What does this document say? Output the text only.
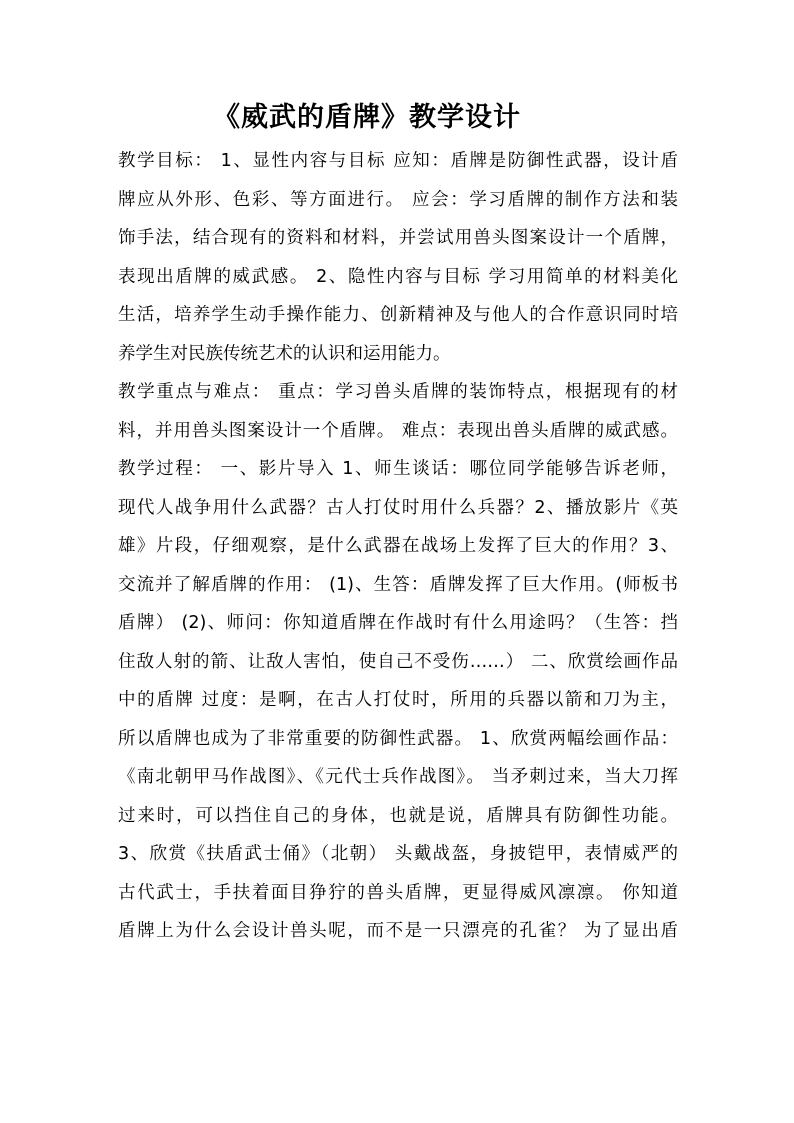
《威武的盾牌》教学设计
教学目标： 1、显性内容与目标 应知：盾牌是防御性武器，设计盾
牌应从外形、色彩、等方面进行。 应会：学习盾牌的制作方法和装
饰手法，结合现有的资料和材料，并尝试用兽头图案设计一个盾牌，
表现出盾牌的威武感。 2、隐性内容与目标 学习用简单的材料美化
生活，培养学生动手操作能力、创新精神及与他人的合作意识同时培
养学生对民族传统艺术的认识和运用能力。
教学重点与难点： 重点：学习兽头盾牌的装饰特点，根据现有的材
料，并用兽头图案设计一个盾牌。 难点：表现出兽头盾牌的威武感。
教学过程： 一、影片导入 1、师生谈话：哪位同学能够告诉老师，
现代人战争用什么武器？古人打仗时用什么兵器？2、播放影片《英
雄》片段，仔细观察，是什么武器在战场上发挥了巨大的作用？3、
交流并了解盾牌的作用： (1)、生答：盾牌发挥了巨大作用。(师板书
盾牌） (2)、师问：你知道盾牌在作战时有什么用途吗？（生答：挡
住敌人射的箭、让敌人害怕，使自己不受伤……） 二、欣赏绘画作品
中的盾牌 过度：是啊，在古人打仗时，所用的兵器以箭和刀为主，
所以盾牌也成为了非常重要的防御性武器。 1、欣赏两幅绘画作品：
《南北朝甲马作战图》、《元代士兵作战图》。 当矛刺过来，当大刀挥
过来时，可以挡住自己的身体，也就是说，盾牌具有防御性功能。
3、欣赏《扶盾武士俑》（北朝） 头戴战盔，身披铠甲，表情威严的
古代武士，手扶着面目狰狞的兽头盾牌，更显得威风凛凛。 你知道
盾牌上为什么会设计兽头呢，而不是一只漂亮的孔雀？ 为了显出盾
